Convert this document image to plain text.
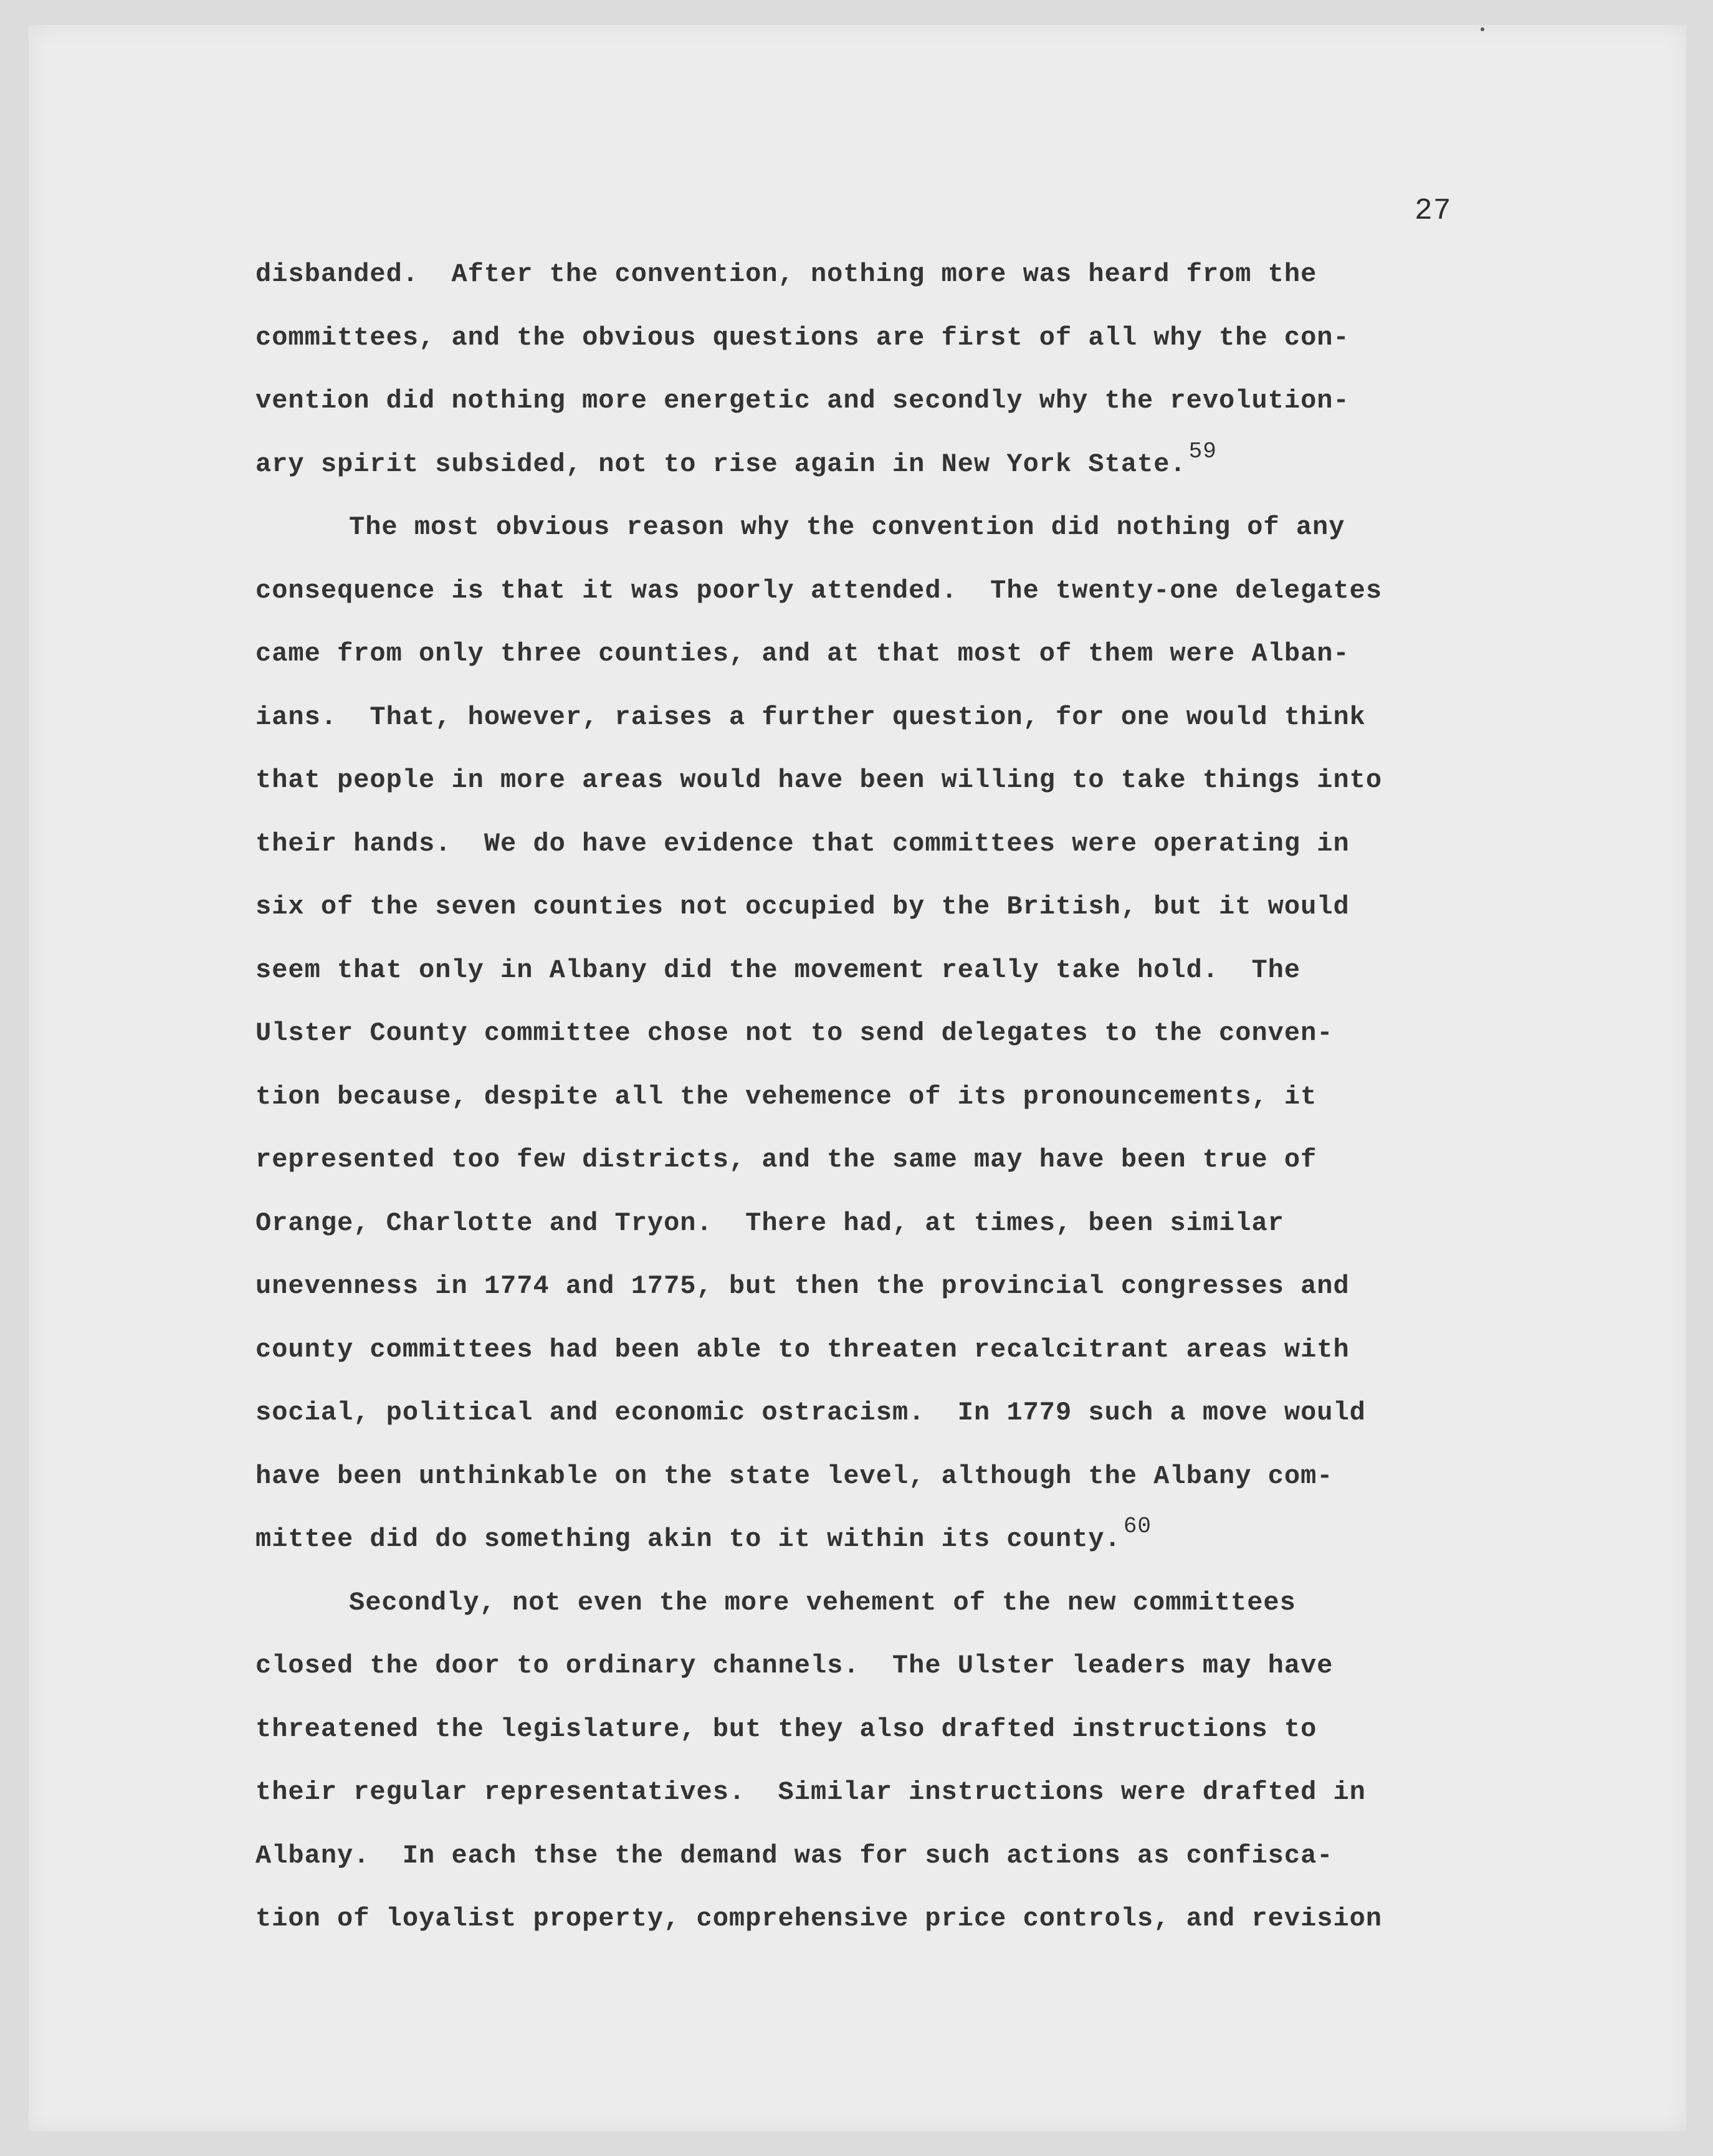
27
disbanded.  After the convention, nothing more was heard from the
committees, and the obvious questions are first of all why the con-
vention did nothing more energetic and secondly why the revolution-
ary spirit subsided, not to rise again in New York State. $^{59}$
The most obvious reason why the convention did nothing of any
consequence is that it was poorly attended.  The twenty-one delegates
came from only three counties, and at that most of them were Alban-
ians.  That, however, raises a further question, for one would think
that people in more areas would have been willing to take things into
their hands.  We do have evidence that committees were operating in
six of the seven counties not occupied by the British, but it would
seem that only in Albany did the movement really take hold.  The
Ulster County committee chose not to send delegates to the conven-
tion because, despite all the vehemence of its pronouncements, it
represented too few districts, and the same may have been true of
Orange, Charlotte and Tryon.  There had, at times, been similar
unevenness in 1774 and 1775, but then the provincial congresses and
county committees had been able to threaten recalcitrant areas with
social, political and economic ostracism.  In 1779 such a move would
have been unthinkable on the state level, although the Albany com-
mittee did do something akin to it within its county. $^{60}$
Secondly, not even the more vehement of the new committees
closed the door to ordinary channels.  The Ulster leaders may have
threatened the legislature, but they also drafted instructions to
their regular representatives.  Similar instructions were drafted in
Albany.  In each thse the demand was for such actions as confisca-
tion of loyalist property, comprehensive price controls, and revision
